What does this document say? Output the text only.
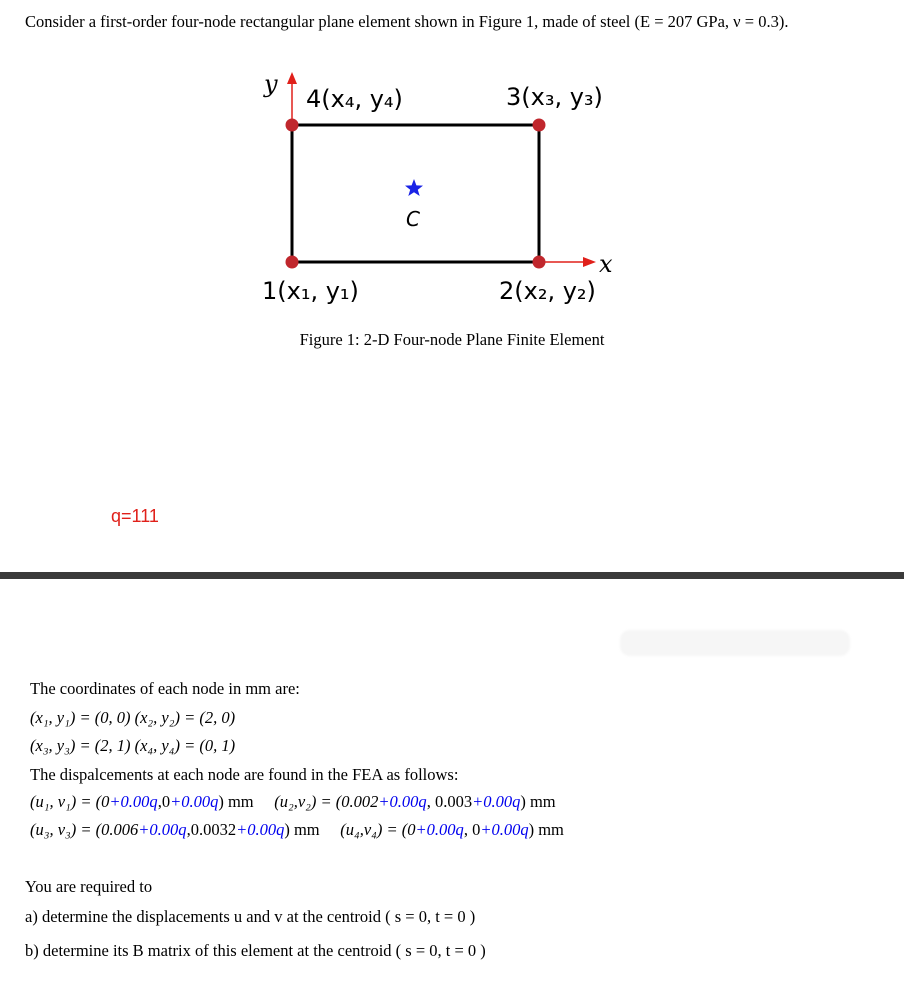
Consider a first-order four-node rectangular plane element shown in Figure 1, made of steel (E = 207 GPa, ν = 0.3).
y
x
4(x₄, y₄)	3(x₃, y₃)
1(x₁, y₁)	2(x₂, y₂)
C
Figure 1: 2-D Four-node Plane Finite Element
q=111
The coordinates of each node in mm are:
(x₁, y₁) = (0, 0) (x₂, y₂) = (2, 0)
(x₃, y₃) = (2, 1) (x₄, y₄) = (0, 1)
The dispalcements at each node are found in the FEA as follows:
(u₁, v₁) = (0+0.00q,0+0.00q) mm (u₂,v₂) = (0.002+0.00q, 0.003+0.00q) mm
(u₃, v₃) = (0.006+0.00q,0.0032+0.00q) mm (u₄,v₄) = (0+0.00q, 0+0.00q) mm
You are required to
a) determine the displacements u and v at the centroid ( s = 0, t = 0 )
b) determine its B matrix of this element at the centroid ( s = 0, t = 0 )
